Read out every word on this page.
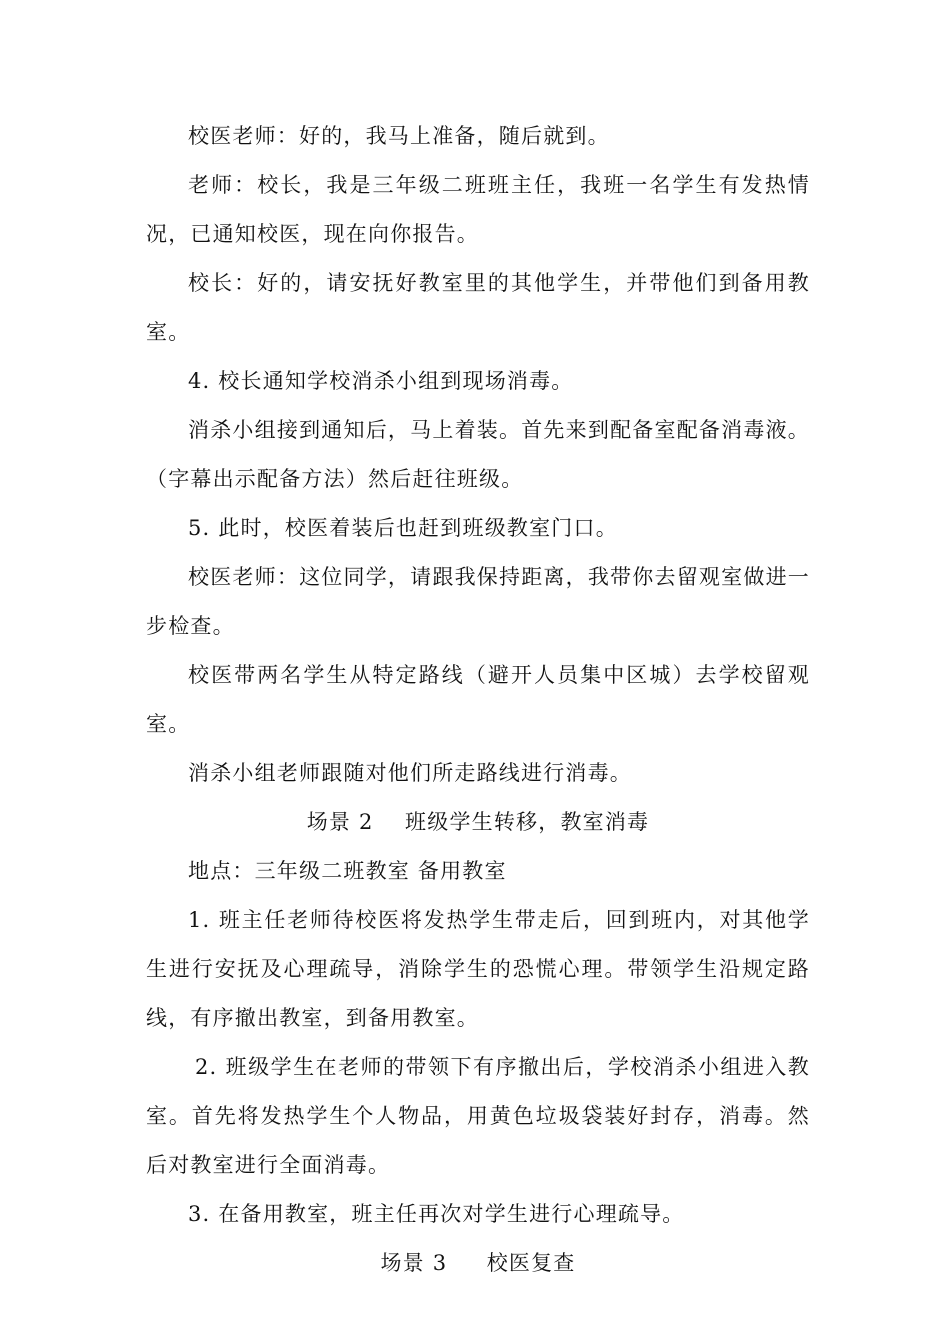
校医老师：好的，我马上准备，随后就到。

老师：校长，我是三年级二班班主任，我班一名学生有发热情况，已通知校医，现在向你报告。

校长：好的，请安抚好教室里的其他学生，并带他们到备用教室。

4. 校长通知学校消杀小组到现场消毒。

消杀小组接到通知后，马上着装。首先来到配备室配备消毒液。（字幕出示配备方法）然后赶往班级。

5. 此时，校医着装后也赶到班级教室门口。

校医老师：这位同学，请跟我保持距离，我带你去留观室做进一步检查。

校医带两名学生从特定路线（避开人员集中区城）去学校留观室。

消杀小组老师跟随对他们所走路线进行消毒。

场景 2    班级学生转移，教室消毒

地点：三年级二班教室 备用教室

1. 班主任老师待校医将发热学生带走后，回到班内，对其他学生进行安抚及心理疏导，消除学生的恐慌心理。带领学生沿规定路线，有序撤出教室，到备用教室。

2. 班级学生在老师的带领下有序撤出后，学校消杀小组进入教室。首先将发热学生个人物品，用黄色垃圾袋装好封存，消毒。然后对教室进行全面消毒。

3. 在备用教室，班主任再次对学生进行心理疏导。

场景 3     校医复查
